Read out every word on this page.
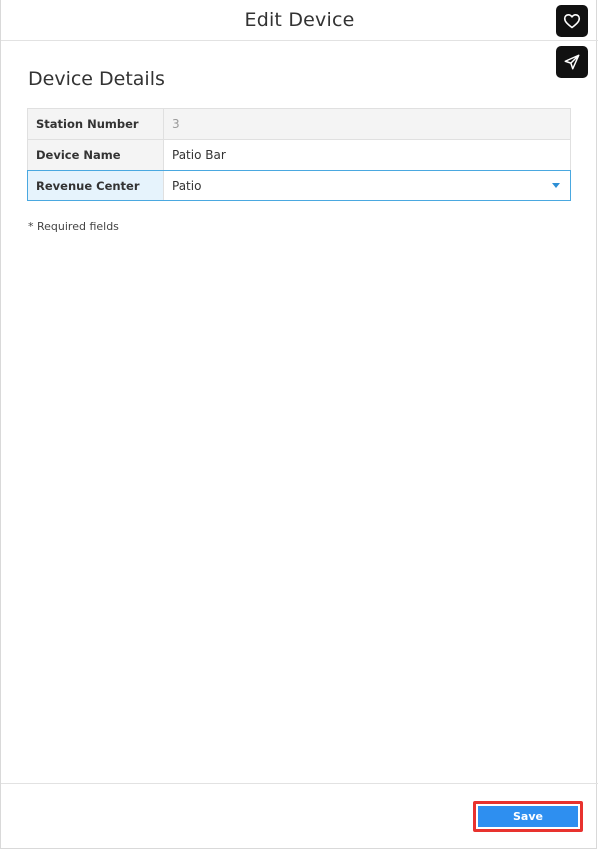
Edit Device
Device Details
Station Number	3
Device Name	Patio Bar
Revenue Center	Patio
* Required fields
Save
